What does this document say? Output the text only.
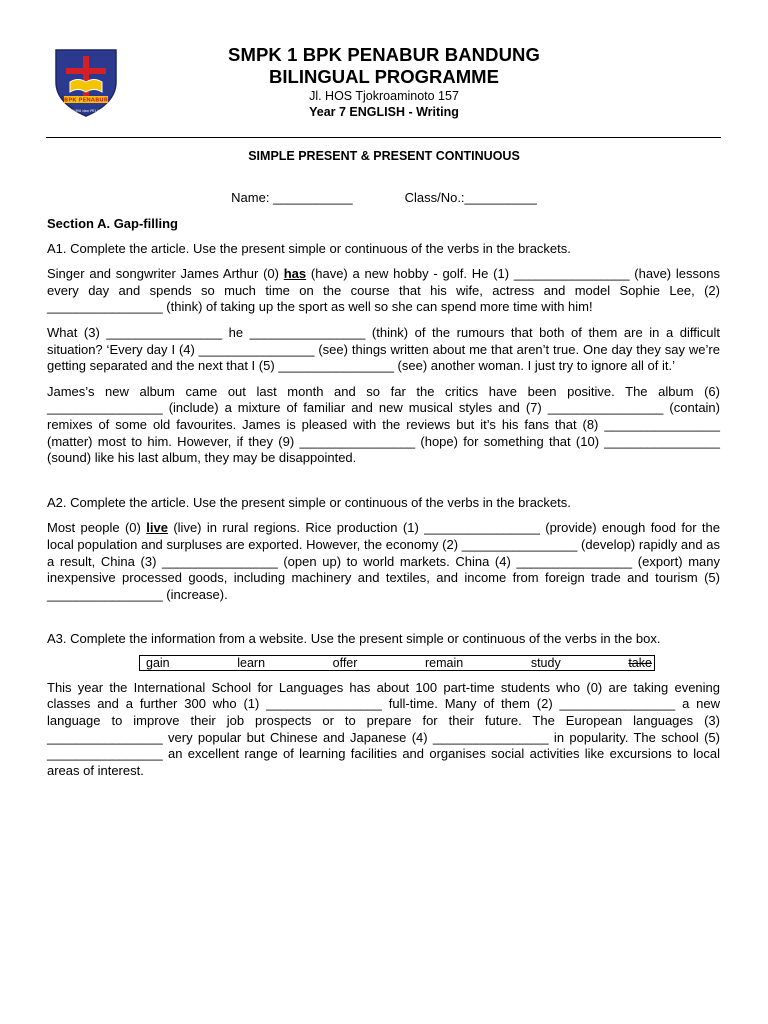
BPK PENABUR
IMAN, ILMU dan PELAYANAN
SMPK 1 BPK PENABUR BANDUNG
BILINGUAL PROGRAMME
Jl. HOS Tjokroaminoto 157
Year 7 ENGLISH - Writing
SIMPLE PRESENT & PRESENT CONTINUOUS
Name: ___________	Class/No.:__________

Section A. Gap-filling

A1. Complete the article. Use the present simple or continuous of the verbs in the brackets.

Singer and songwriter James Arthur (0) has (have) a new hobby - golf. He (1) ________________ (have) lessons every day and spends so much time on the course that his wife, actress and model Sophie Lee, (2) ________________ (think) of taking up the sport as well so she can spend more time with him!

What (3) ________________ he ________________ (think) of the rumours that both of them are in a difficult situation? ‘Every day I (4) ________________ (see) things written about me that aren’t true. One day they say we’re getting separated and the next that I (5) ________________ (see) another woman. I just try to ignore all of it.’

James’s new album came out last month and so far the critics have been positive. The album (6) ________________ (include) a mixture of familiar and new musical styles and (7) ________________ (contain) remixes of some old favourites. James is pleased with the reviews but it’s his fans that (8) ________________ (matter) most to him. However, if they (9) ________________ (hope) for something that (10) ________________ (sound) like his last album, they may be disappointed.

A2. Complete the article. Use the present simple or continuous of the verbs in the brackets.

Most people (0) live (live) in rural regions. Rice production (1) ________________ (provide) enough food for the local population and surpluses are exported. However, the economy (2) ________________ (develop) rapidly and as a result, China (3) ________________ (open up) to world markets. China (4) ________________ (export) many inexpensive processed goods, including machinery and textiles, and income from foreign trade and tourism (5) ________________ (increase).

A3. Complete the information from a website. Use the present simple or continuous of the verbs in the box.

gain	learn	offer	remain	study	take

This year the International School for Languages has about 100 part-time students who (0) are taking evening classes and a further 300 who (1) ________________ full-time. Many of them (2) ________________ a new language to improve their job prospects or to prepare for their future. The European languages (3) ________________ very popular but Chinese and Japanese (4) ________________ in popularity. The school (5) ________________ an excellent range of learning facilities and organises social activities like excursions to local areas of interest.
